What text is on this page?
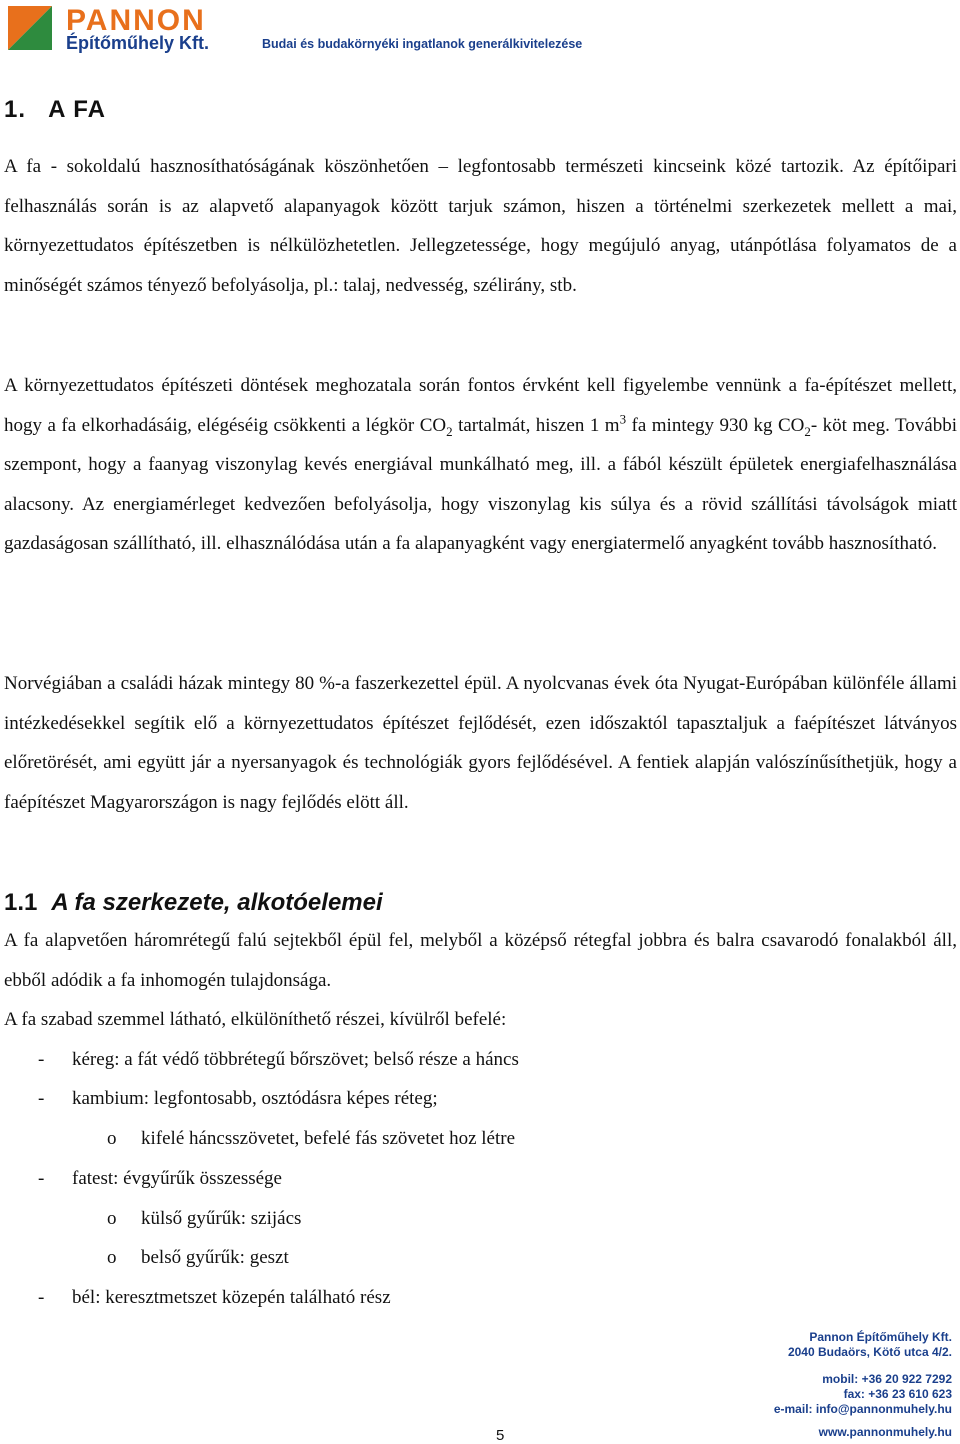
PANNON
Építőműhely Kft.	Budai és budakörnyéki ingatlanok generálkivitelezése
1. A FA

A fa - sokoldalú hasznosíthatóságának köszönhetően – legfontosabb természeti kincseink közé tartozik. Az építőipari felhasználás során is az alapvető alapanyagok között tarjuk számon, hiszen a történelmi szerkezetek mellett a mai, környezettudatos építészetben is nélkülözhetetlen. Jellegzetessége, hogy megújuló anyag, utánpótlása folyamatos de a minőségét számos tényező befolyásolja, pl.: talaj, nedvesség, szélirány, stb.

A környezettudatos építészeti döntések meghozatala során fontos érvként kell figyelembe vennünk a fa-építészet mellett, hogy a fa elkorhadásáig, elégéséig csökkenti a légkör $CO_2$ tartalmát, hiszen 1 $m^3$ fa mintegy 930 kg $CO_2-$ köt meg. További szempont, hogy a faanyag viszonylag kevés energiával munkálható meg, ill. a fából készült épületek energiafelhasználása alacsony. Az energiamérleget kedvezően befolyásolja, hogy viszonylag kis súlya és a rövid szállítási távolságok miatt gazdaságosan szállítható, ill. elhasználódása után a fa alapanyagként vagy energiatermelő anyagként tovább hasznosítható.

Norvégiában a családi házak mintegy 80 %-a faszerkezettel épül. A nyolcvanas évek óta Nyugat-Európában különféle állami intézkedésekkel segítik elő a környezettudatos építészet fejlődését, ezen időszaktól tapasztaljuk a faépítészet látványos előretörését, ami együtt jár a nyersanyagok és technológiák gyors fejlődésével. A fentiek alapján valószínűsíthetjük, hogy a faépítészet Magyarországon is nagy fejlődés elött áll.

1.1 A fa szerkezete, alkotóelemei

A fa alapvetően háromrétegű falú sejtekből épül fel, melyből a középső rétegfal jobbra és balra csavarodó fonalakból áll, ebből adódik a fa inhomogén tulajdonsága.

A fa szabad szemmel látható, elkülöníthető részei, kívülről befelé:

- kéreg: a fát védő többrétegű bőrszövet; belső része a háncs
- kambium: legfontosabb, osztódásra képes réteg;
o kifelé háncsszövetet, befelé fás szövetet hoz létre
- fatest: évgyűrűk összessége
o külső gyűrűk: szijács
o belső gyűrűk: geszt
- bél: keresztmetszet közepén található rész
Pannon Építőműhely Kft.
2040 Budaörs, Kötő utca 4/2.
mobil: +36 20 922 7292
fax: +36 23 610 623
e-mail: info@pannonmuhely.hu
www.pannonmuhely.hu
5
